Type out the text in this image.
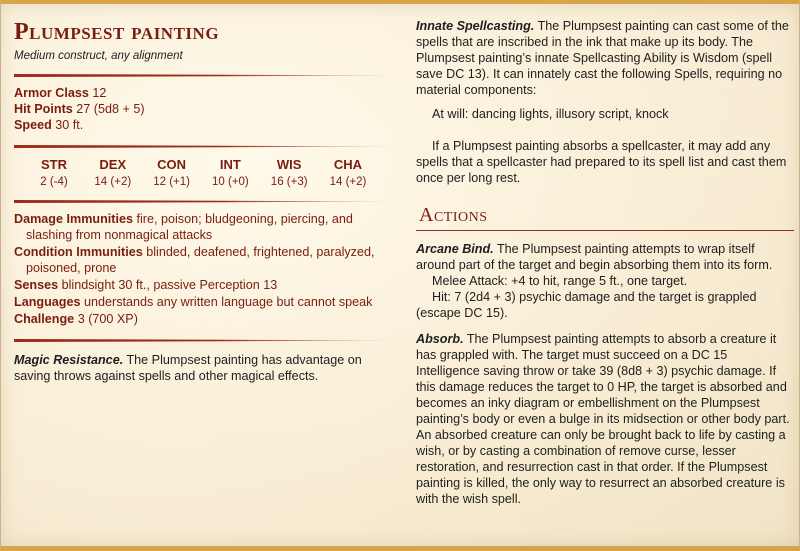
Plumpsest painting
Medium construct, any alignment

Armor Class 12

Hit Points 27 (5d8 + 5)

Speed 30 ft.

STR
2 (-4)
DEX
14 (+2)
CON
12 (+1)
INT
10 (+0)
WIS
16 (+3)
CHA
14 (+2)

Damage Immunities fire, poison; bludgeoning, piercing, and slashing from nonmagical attacks

Condition Immunities blinded, deafened, frightened, paralyzed, poisoned, prone

Senses blindsight 30 ft., passive Perception 13

Languages understands any written language but cannot speak

Challenge 3 (700 XP)

Magic Resistance. The Plumpsest painting has advantage on saving throws against spells and other magical effects.

Innate Spellcasting. The Plumpsest painting can cast some of the spells that are inscribed in the ink that make up its body. The Plumpsest painting’s innate Spellcasting Ability is Wisdom (spell save DC 13). It can innately cast the following Spells, requiring no material components:

At will: dancing lights, illusory script, knock

If a Plumpsest painting absorbs a spellcaster, it may add any spells that a spellcaster had prepared to its spell list and cast them once per long rest.

Actions

Arcane Bind. The Plumpsest painting attempts to wrap itself around part of the target and begin absorbing them into its form.

Melee Attack: +4 to hit, range 5 ft., one target.

Hit: 7 (2d4 + 3) psychic damage and the target is grappled (escape DC 15).

Absorb. The Plumpsest painting attempts to absorb a creature it has grappled with. The target must succeed on a DC 15 Intelligence saving throw or take 39 (8d8 + 3) psychic damage. If this damage reduces the target to 0 HP, the target is absorbed and becomes an inky diagram or embellishment on the Plumpsest painting’s body or even a bulge in its midsection or other body part. An absorbed creature can only be brought back to life by casting a wish, or by casting a combination of remove curse, lesser restoration, and resurrection cast in that order. If the Plumpsest painting is killed, the only way to resurrect an absorbed creature is with the wish spell.
